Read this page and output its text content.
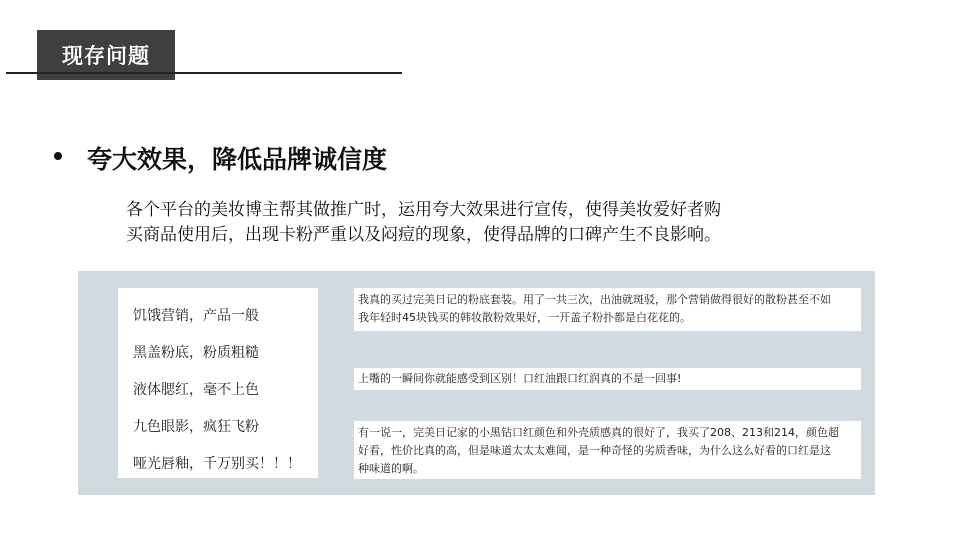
现存问题
夸大效果，降低品牌诚信度
各个平台的美妆博主帮其做推广时，运用夸大效果进行宣传，使得美妆爱好者购
买商品使用后，出现卡粉严重以及闷痘的现象，使得品牌的口碑产生不良影响。
饥饿营销，产品一般
黑盖粉底，粉质粗糙
液体腮红，毫不上色
九色眼影，疯狂飞粉
哑光唇釉，千万别买！！！
我真的买过完美日记的粉底套装。用了一共三次，出油就斑驳，那个营销做得很好的散粉甚至不如
我年轻时45块钱买的韩妆散粉效果好，一开盖子粉扑都是白花花的。
上嘴的一瞬间你就能感受到区别！口红油跟口红润真的不是一回事!
有一说一，完美日记家的小黑钻口红颜色和外壳质感真的很好了，我买了208、213和214，颜色超
好看，性价比真的高，但是味道太太太难闻，是一种奇怪的劣质香味，为什么这么好看的口红是这
种味道的啊。
